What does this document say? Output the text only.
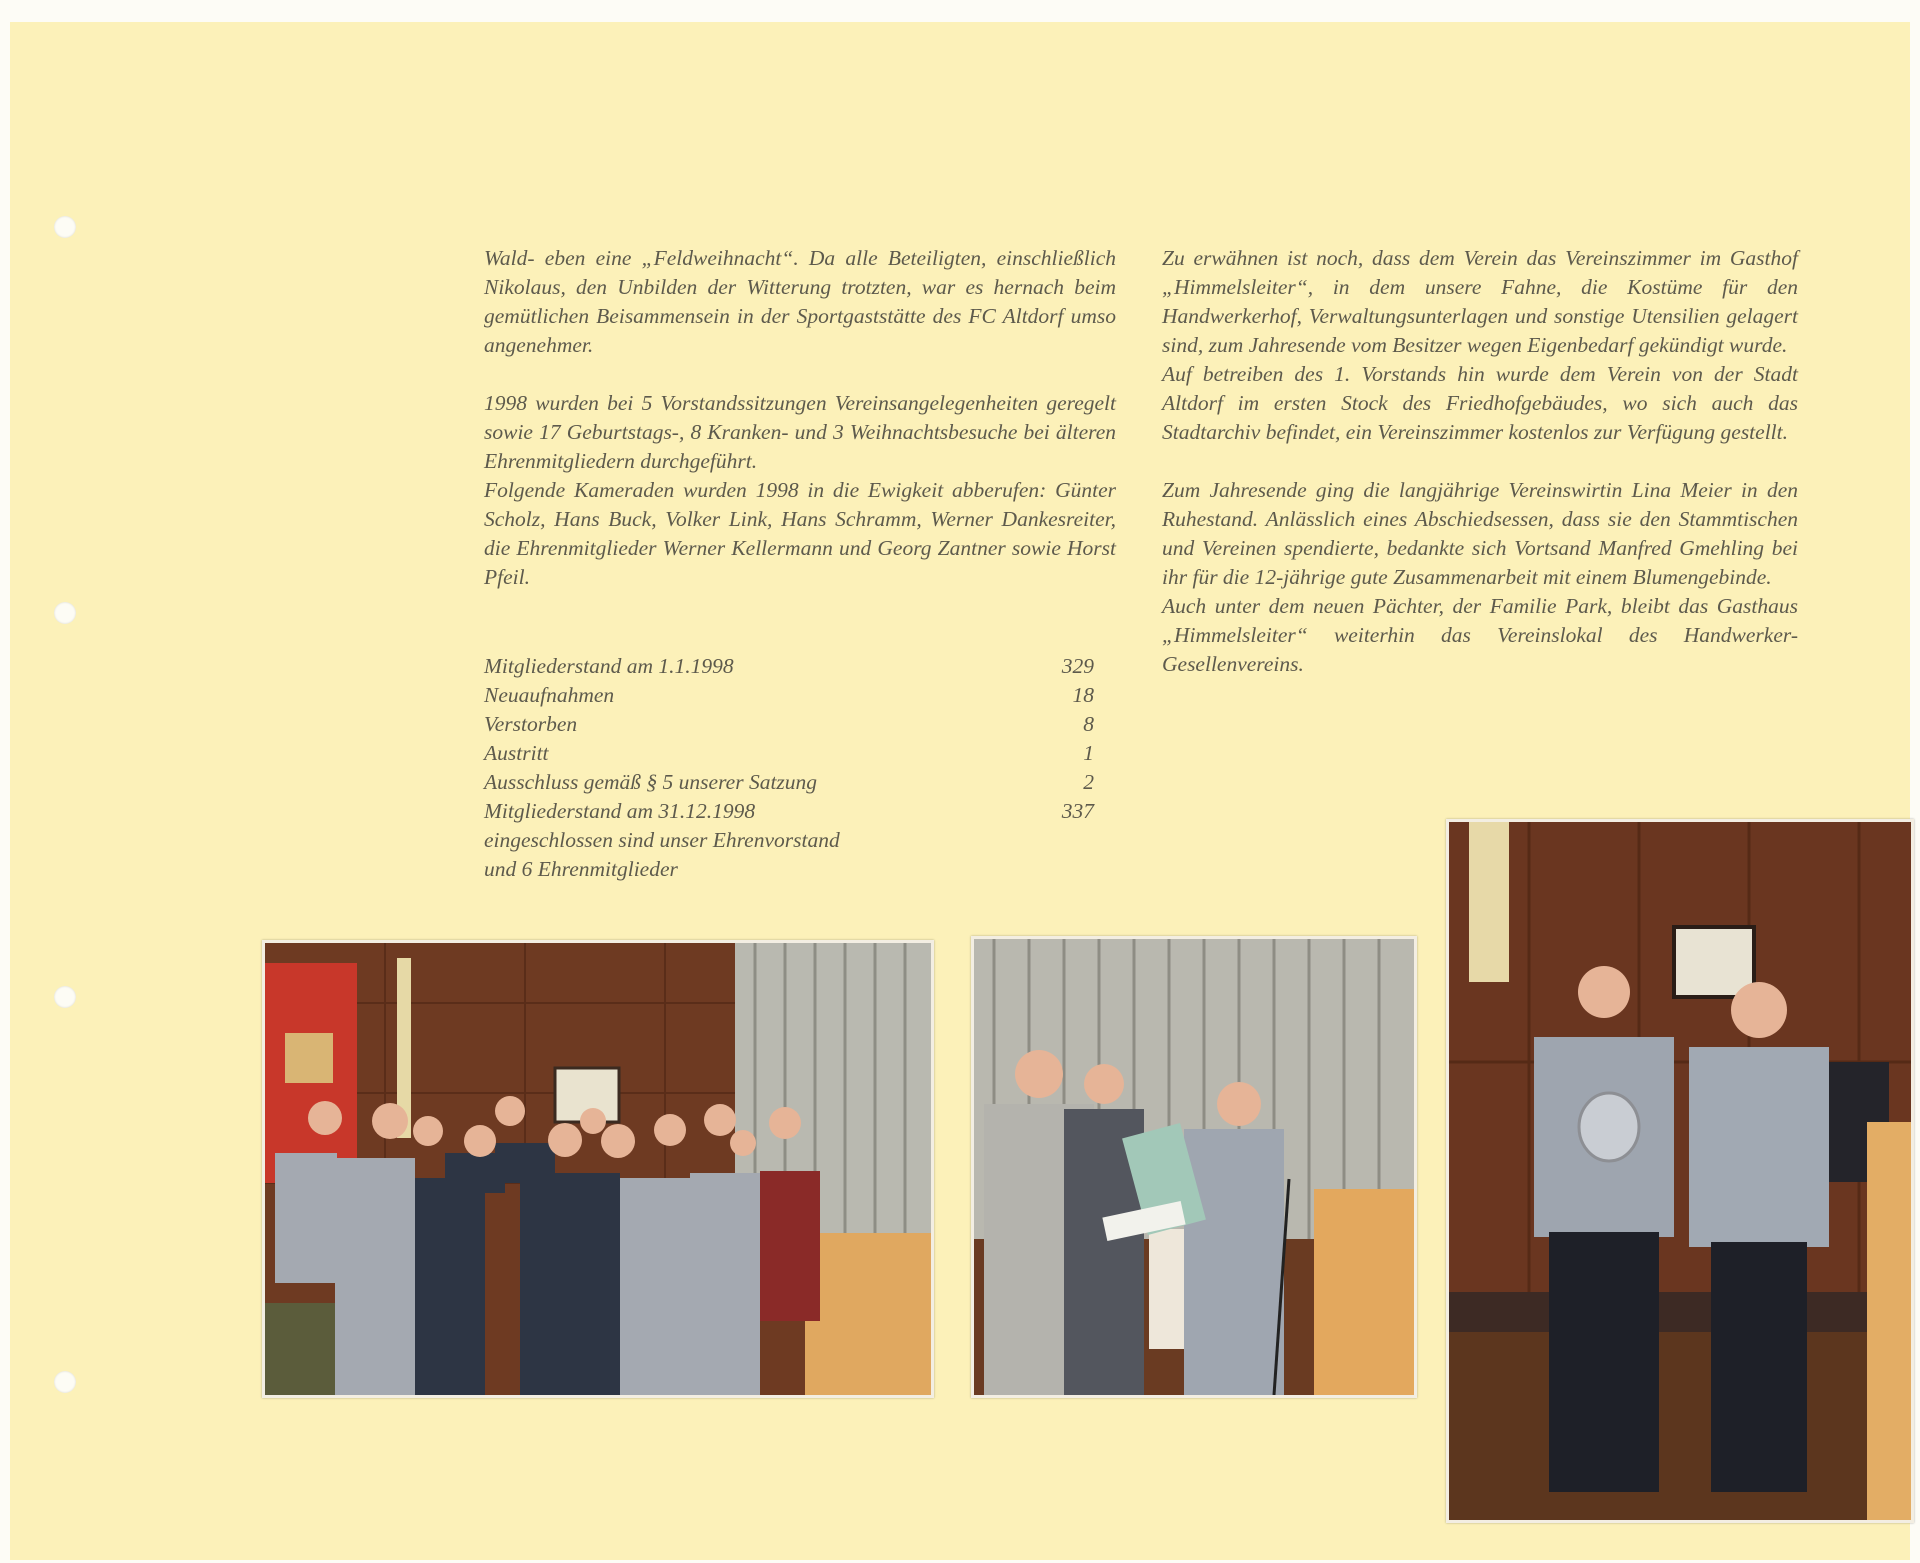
Wald- eben eine „Feldweihnacht“. Da alle Beteiligten, einschließlich Nikolaus, den Unbilden der Witterung trotzten, war es hernach beim gemütlichen Beisammensein in der Sportgaststätte des FC Altdorf umso angenehmer.

1998 wurden bei 5 Vorstandssitzungen Vereinsangelegenheiten geregelt sowie 17 Geburtstags-, 8 Kranken- und 3 Weihnachtsbesuche bei älteren Ehrenmitgliedern durchgeführt.

Folgende Kameraden wurden 1998 in die Ewigkeit abberufen: Günter Scholz, Hans Buck, Volker Link, Hans Schramm, Werner Dankesreiter, die Ehrenmitglieder Werner Kellermann und Georg Zantner sowie Horst Pfeil.

Mitgliederstand am 1.1.1998	329
Neuaufnahmen	18
Verstorben	8
Austritt	1
Ausschluss gemäß § 5 unserer Satzung	2
Mitgliederstand am 31.12.1998	337
eingeschlossen sind unser Ehrenvorstand
und 6 Ehrenmitglieder

Zu erwähnen ist noch, dass dem Verein das Vereinszimmer im Gasthof „Himmelsleiter“, in dem unsere Fahne, die Kostüme für den Handwerkerhof, Verwaltungsunterlagen und sonstige Utensilien gelagert sind, zum Jahresende vom Besitzer wegen Eigenbedarf gekündigt wurde.

Auf betreiben des 1. Vorstands hin wurde dem Verein von der Stadt Altdorf im ersten Stock des Friedhofgebäudes, wo sich auch das Stadtarchiv befindet, ein Vereinszimmer kostenlos zur Verfügung gestellt.

Zum Jahresende ging die langjährige Vereinswirtin Lina Meier in den Ruhestand. Anlässlich eines Abschiedsessen, dass sie den Stammtischen und Vereinen spendierte, bedankte sich Vortsand Manfred Gmehling bei ihr für die 12-jährige gute Zusammenarbeit mit einem Blumengebinde.

Auch unter dem neuen Pächter, der Familie Park, bleibt das Gasthaus „Himmelsleiter“ weiterhin das Vereinslokal des Handwerker-Gesellenvereins.
